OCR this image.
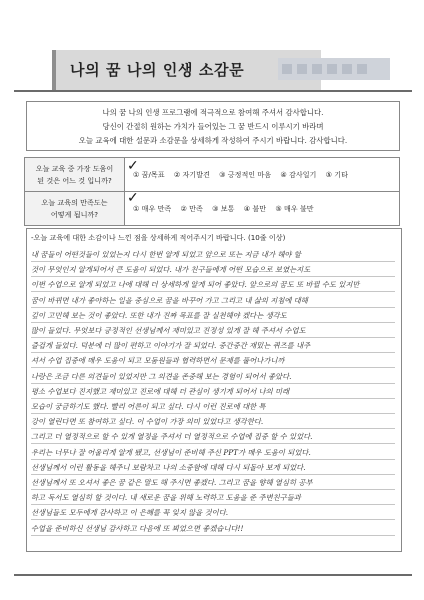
나의 꿈 나의 인생 소감문

나의 꿈 나의 인생 프로그램에 적극적으로 참여해 주셔서 감사합니다.

당신이 간절히 원하는 가치가 들어있는 그 꿈 반드시 이루시기 바라며

오늘 교육에 대한 설문과 소감문을 상세하게 작성하여 주시기 바랍니다. 감사합니다.

오늘 교육 중 가장 도움이
된 것은 어느 것 입니까?	① 꿈/목표 ② 자기발견 ③ 긍정적인 마음 ④ 감사일기 ⑤ 기타
오늘 교육의 만족도는
어떻게 됩니까?	① 매우 만족 ② 만족 ③ 보통 ④ 불만 ⑤ 매우 불만
✓
✓
-오늘 교육에 대한 소감이나 느낀 점을 상세하게 적어주시기 바랍니다. (10줄 이상)
내 꿈들이 어떤것들이 있었는지 다시 한번 알게 되었고 앞으로 또는 지금 내가 해야 할
것이 무엇인지 알게되어서 큰 도움이 되었다. 내가 친구들에게 어떤 모습으로 보였는지도
이번 수업으로 알게 되었고 나에 대해 더 상세하게 알게 되어 좋았다. 앞으로의 꿈도 또 바뀔 수도 있지만
꿈이 바뀌면 내가 좋아하는 일을 중심으로 꿈을 바꾸어 가고 그리고 내 삶의 지침에 대해
깊이 고민해 보는 것이 좋았다. 또한 내가 진짜 목표를 잘 실천해야 겠다는 생각도
많이 들었다. 무엇보다 긍정적인 선생님께서 재미있고 진정성 있게 잘 해 주셔서 수업도
즐겁게 들었다. 덕분에 더 많이 편하고 이야기가 잘 되었다. 중간중간 재밌는 퀴즈를 내주
셔서 수업 집중에 매우 도움이 되고 모둠원들과 협력하면서 문제를 풀어나가니까
나랑은 조금 다른 의견들이 있었지만 그 의견을 존중해 보는 경험이 되어서 좋았다.
평소 수업보다 진지했고 재미있고 진로에 대해 더 관심이 생기게 되어서 나의 미래
모습이 궁금하기도 했다. 빨리 어른이 되고 싶다. 다시 이런 진로에 대한 특
강이 열린다면 또 참여하고 싶다. 이 수업이 가장 의미 있었다고 생각한다.
그리고 더 열정적으로 할 수 있게 열정을 주셔서 더 열정적으로 수업에 집중 할 수 있었다.
우리는 너무나 잘 어울리게 알게 됐고, 선생님이 준비해 주신 PPT가 매우 도움이 되었다.
선생님께서 이런 활동을 해주니 보람차고 나의 소중함에 대해 다시 되돌아 보게 되었다.
선생님께서 또 오셔서 좋은 꿈 같은 말도 해 주시면 좋겠다. 그리고 꿈을 향해 열심히 공부
하고 독서도 열심히 할 것이다. 내 새로운 꿈을 위해 노력하고 도움을 준 주변친구들과
선생님들도 모두에게 감사하고 이 은혜를 꼭 잊지 않을 것이다.
수업을 준비하신 선생님 감사하고 다음에 또 뵈었으면 좋겠습니다!!
